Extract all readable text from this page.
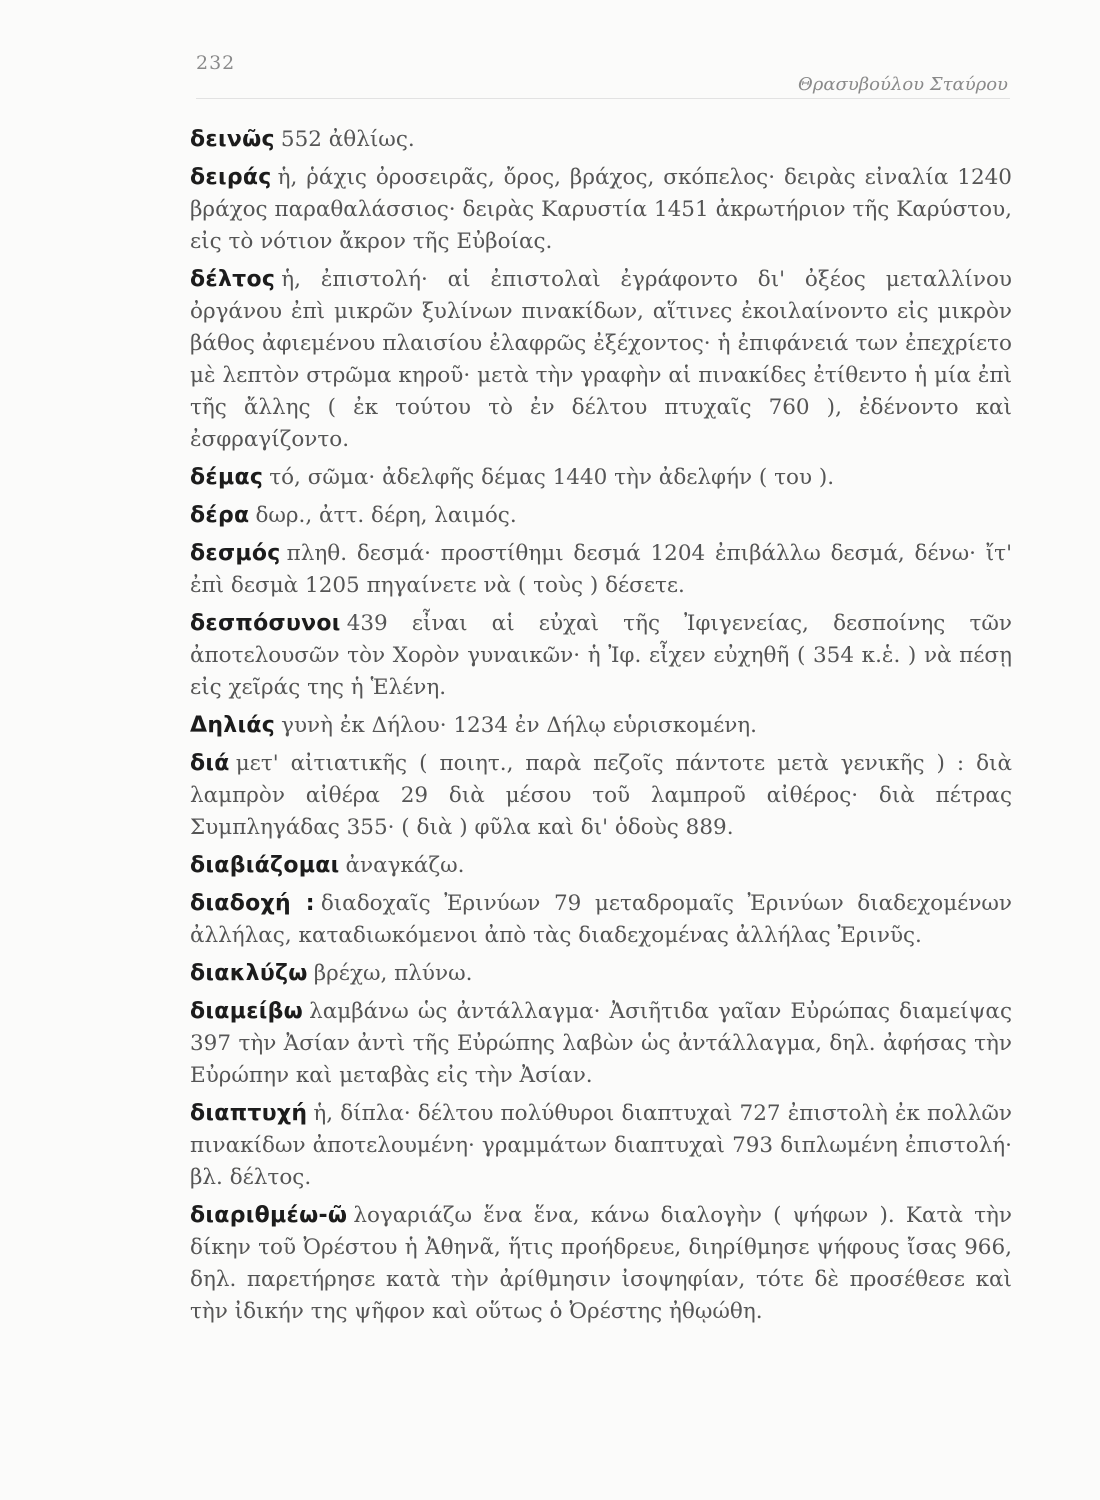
232
Θρασυβούλου Σταύρου

δεινῶς 552 ἀθλίως.

δειράς ἡ, ῥάχις ὀροσειρᾶς, ὄρος, βράχος, σκόπελος· δειρὰς εἰναλία 1240 βράχος παραθαλάσσιος· δειρὰς Καρυστία 1451 ἀκρωτήριον τῆς Καρύστου, εἰς τὸ νότιον ἄκρον τῆς Εὐβοίας.

δέλτος ἡ, ἐπιστολή· αἱ ἐπιστολαὶ ἐγράφοντο δι' ὀξέος μεταλλίνου ὀργάνου ἐπὶ μικρῶν ξυλίνων πινακίδων, αἵτινες ἐκοιλαίνοντο εἰς μικρὸν βάθος ἀφιεμένου πλαισίου ἐλαφρῶς ἐξέχοντος· ἡ ἐπιφάνειά των ἐπεχρίετο μὲ λεπτὸν στρῶμα κηροῦ· μετὰ τὴν γραφὴν αἱ πινακίδες ἐτίθεντο ἡ μία ἐπὶ τῆς ἄλλης ( ἐκ τούτου τὸ ἐν δέλτου πτυχαῖς 760 ), ἐδένοντο καὶ ἐσφραγίζοντο.

δέμας τό, σῶμα· ἀδελφῆς δέμας 1440 τὴν ἀδελφήν ( του ).

δέρα δωρ., ἀττ. δέρη, λαιμός.

δεσμός πληθ. δεσμά· προστίθημι δεσμά 1204 ἐπιβάλλω δεσμά, δένω· ἴτ' ἐπὶ δεσμὰ 1205 πηγαίνετε νὰ ( τοὺς ) δέσετε.

δεσπόσυνοι 439 εἶναι αἱ εὐχαὶ τῆς Ἰφιγενείας, δεσποίνης τῶν ἀποτελουσῶν τὸν Χορὸν γυναικῶν· ἡ Ἰφ. εἶχεν εὐχηθῆ ( 354 κ.ἑ. ) νὰ πέσῃ εἰς χεῖράς της ἡ Ἑλένη.

Δηλιάς γυνὴ ἐκ Δήλου· 1234 ἐν Δήλῳ εὑρισκομένη.

διά μετ' αἰτιατικῆς ( ποιητ., παρὰ πεζοῖς πάντοτε μετὰ γενικῆς ) : διὰ λαμπρὸν αἰθέρα 29 διὰ μέσου τοῦ λαμπροῦ αἰθέρος· διὰ πέτρας Συμπληγάδας 355· ( διὰ ) φῦλα καὶ δι' ὁδοὺς 889.

διαβιάζομαι ἀναγκάζω.

διαδοχή : διαδοχαῖς Ἐρινύων 79 μεταδρομαῖς Ἐρινύων διαδεχομένων ἀλλήλας, καταδιωκόμενοι ἀπὸ τὰς διαδεχομένας ἀλλήλας Ἐρινῦς.

διακλύζω βρέχω, πλύνω.

διαμείβω λαμβάνω ὡς ἀντάλλαγμα· Ἀσιῆτιδα γαῖαν Εὐρώπας διαμείψας 397 τὴν Ἀσίαν ἀντὶ τῆς Εὐρώπης λαβὼν ὡς ἀντάλλαγμα, δηλ. ἀφήσας τὴν Εὐρώπην καὶ μεταβὰς εἰς τὴν Ἀσίαν.

διαπτυχή ἡ, δίπλα· δέλτου πολύθυροι διαπτυχαὶ 727 ἐπιστολὴ ἐκ πολλῶν πινακίδων ἀποτελουμένη· γραμμάτων διαπτυχαὶ 793 διπλωμένη ἐπιστολή· βλ. δέλτος.

διαριθμέω-ῶ λογαριάζω ἕνα ἕνα, κάνω διαλογὴν ( ψήφων ). Κατὰ τὴν δίκην τοῦ Ὀρέστου ἡ Ἀθηνᾶ, ἥτις προήδρευε, διηρίθμησε ψήφους ἴσας 966, δηλ. παρετήρησε κατὰ τὴν ἀρίθμησιν ἰσοψηφίαν, τότε δὲ προσέθεσε καὶ τὴν ἰδικήν της ψῆφον καὶ οὕτως ὁ Ὀρέστης ἠθῳώθη.
